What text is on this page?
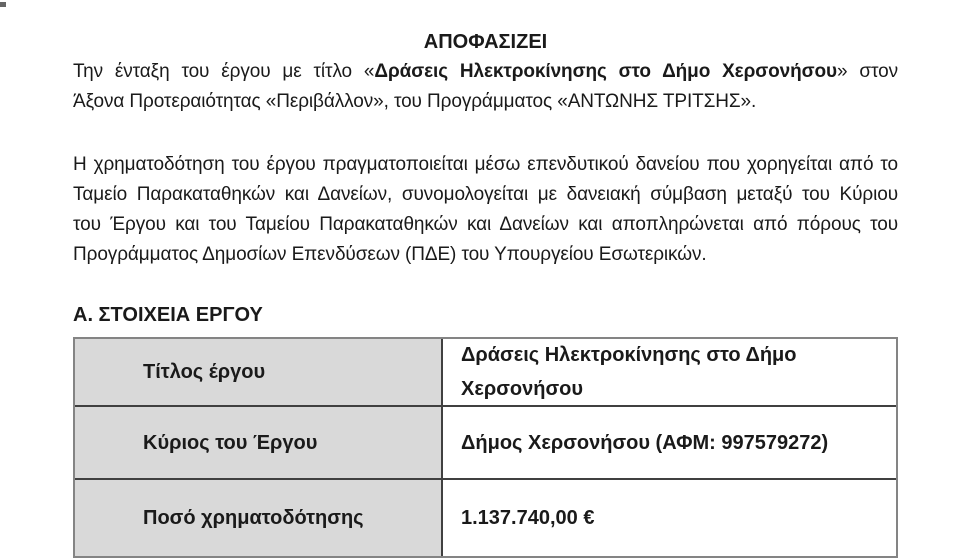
ΑΠΟΦΑΣΙΖΕΙ
Την ένταξη του έργου με τίτλο «Δράσεις Ηλεκτροκίνησης στο Δήμο Χερσονήσου» στον
Άξονα Προτεραιότητας «Περιβάλλον», του Προγράμματος «ΑΝΤΩΝΗΣ ΤΡΙΤΣΗΣ».
Η χρηματοδότηση του έργου πραγματοποιείται μέσω επενδυτικού δανείου που χορηγείται από το
Ταμείο Παρακαταθηκών και Δανείων, συνομολογείται με δανειακή σύμβαση μεταξύ του Κύριου
του Έργου και του Ταμείου Παρακαταθηκών και Δανείων και αποπληρώνεται από πόρους του
Προγράμματος Δημοσίων Επενδύσεων (ΠΔΕ) του Υπουργείου Εσωτερικών.
Α. ΣΤΟΙΧΕΙΑ ΕΡΓΟΥ
Τίτλος έργου
Δράσεις Ηλεκτροκίνησης στο Δήμο Χερσονήσου
Κύριος του Έργου	Δήμος Χερσονήσου (ΑΦΜ: 997579272)
Ποσό χρηματοδότησης	1.137.740,00 €
